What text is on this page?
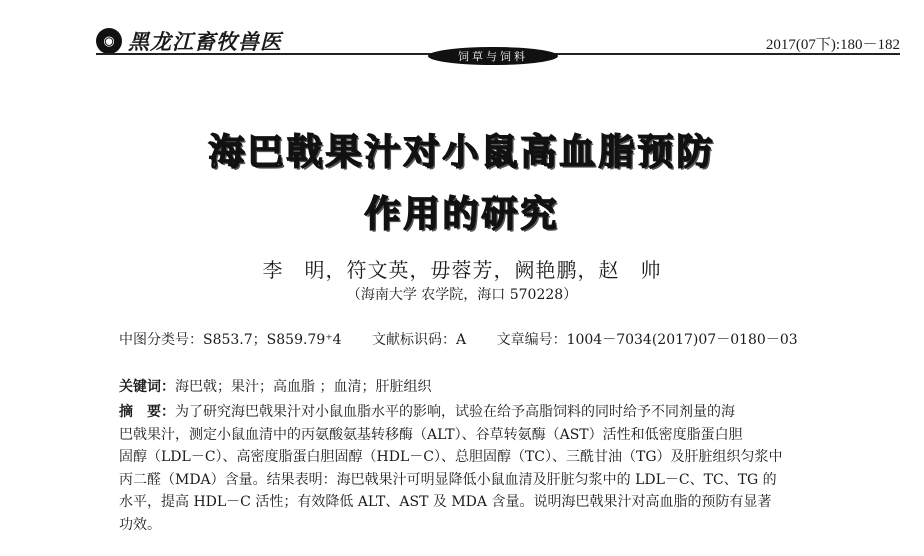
◉ 黑龙江畜牧兽医	2017(07下):180－182
饲草与饲料
海巴戟果汁对小鼠高血脂预防
作用的研究
李　明，符文英，毋蓉芳，阙艳鹏，赵　帅
（海南大学 农学院，海口 570228）
中图分类号：S853.7；S859.79⁺4 文献标识码：A 文章编号：1004－7034(2017)07－0180－03
关键词：海巴戟；果汁；高血脂 ；血清；肝脏组织
摘　要：为了研究海巴戟果汁对小鼠血脂水平的影响，试验在给予高脂饲料的同时给予不同剂量的海
巴戟果汁，测定小鼠血清中的丙氨酸氨基转移酶（ALT）、谷草转氨酶（AST）活性和低密度脂蛋白胆
固醇（LDL－C）、高密度脂蛋白胆固醇（HDL－C）、总胆固醇（TC）、三酰甘油（TG）及肝脏组织匀浆中
丙二醛（MDA）含量。结果表明：海巴戟果汁可明显降低小鼠血清及肝脏匀浆中的 LDL－C、TC、TG 的
水平，提高 HDL－C 活性；有效降低 ALT、AST 及 MDA 含量。说明海巴戟果汁对高血脂的预防有显著
功效。
